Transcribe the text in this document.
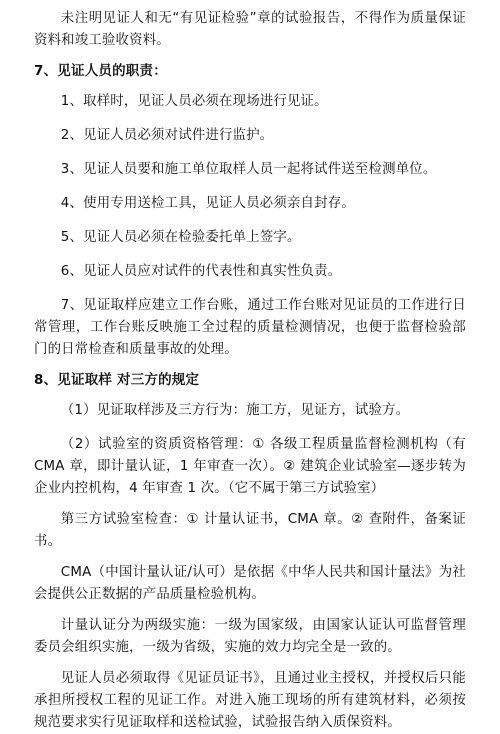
未注明见证人和无“有见证检验”章的试验报告，不得作为质量保证资料和竣工验收资料。

7、见证人员的职责：

1、取样时，见证人员必须在现场进行见证。

2、见证人员必须对试件进行监护。

3、见证人员要和施工单位取样人员一起将试件送至检测单位。

4、使用专用送检工具，见证人员必须亲自封存。

5、见证人员必须在检验委托单上签字。

6、见证人员应对试件的代表性和真实性负责。

7、见证取样应建立工作台账，通过工作台账对见证员的工作进行日常管理，工作台账反映施工全过程的质量检测情况，也便于监督检验部门的日常检查和质量事故的处理。

8、见证取样 对三方的规定

（1）见证取样涉及三方行为：施工方，见证方，试验方。

（2）试验室的资质资格管理：① 各级工程质量监督检测机构（有 CMA 章，即计量认证，1 年审查一次）。② 建筑企业试验室—逐步转为企业内控机构，4 年审查 1 次。（它不属于第三方试验室）

第三方试验室检查：① 计量认证书，CMA 章。② 查附件，备案证书。

CMA（中国计量认证/认可）是依据《中华人民共和国计量法》为社会提供公正数据的产品质量检验机构。

计量认证分为两级实施：一级为国家级，由国家认证认可监督管理委员会组织实施，一级为省级，实施的效力均完全是一致的。

见证人员必须取得《见证员证书》，且通过业主授权，并授权后只能承担所授权工程的见证工作。对进入施工现场的所有建筑材料，必须按规范要求实行见证取样和送检试验，试验报告纳入质保资料。
